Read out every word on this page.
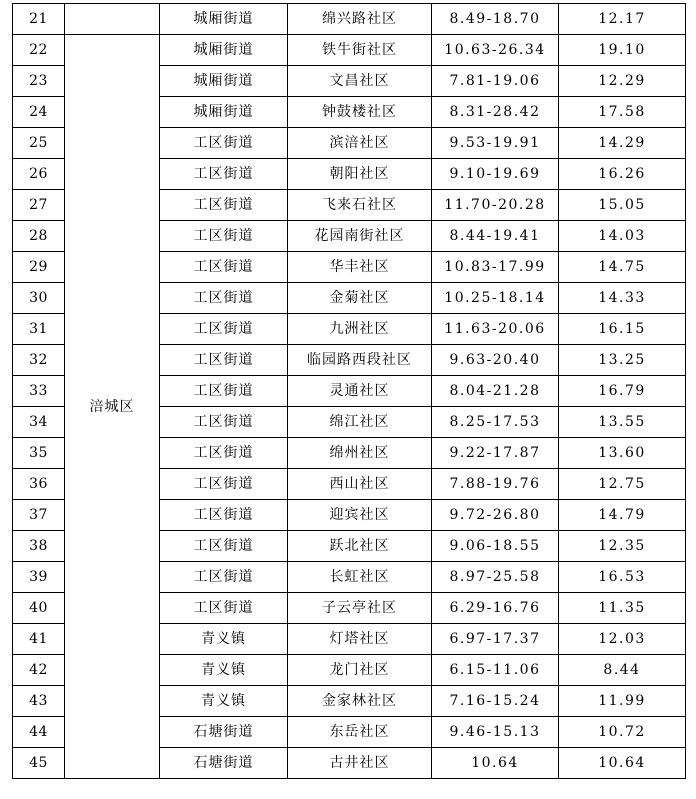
21		城厢街道	绵兴路社区	8.49-18.70	12.17
22	涪城区	城厢街道	铁牛街社区	10.63-26.34	19.10
23		城厢街道	文昌社区	7.81-19.06	12.29
24		城厢街道	钟鼓楼社区	8.31-28.42	17.58
25		工区街道	滨涪社区	9.53-19.91	14.29
26		工区街道	朝阳社区	9.10-19.69	16.26
27		工区街道	飞来石社区	11.70-20.28	15.05
28		工区街道	花园南街社区	8.44-19.41	14.03
29		工区街道	华丰社区	10.83-17.99	14.75
30		工区街道	金菊社区	10.25-18.14	14.33
31		工区街道	九洲社区	11.63-20.06	16.15
32		工区街道	临园路西段社区	9.63-20.40	13.25
33		工区街道	灵通社区	8.04-21.28	16.79
34		工区街道	绵江社区	8.25-17.53	13.55
35		工区街道	绵州社区	9.22-17.87	13.60
36		工区街道	西山社区	7.88-19.76	12.75
37		工区街道	迎宾社区	9.72-26.80	14.79
38		工区街道	跃北社区	9.06-18.55	12.35
39		工区街道	长虹社区	8.97-25.58	16.53
40		工区街道	子云亭社区	6.29-16.76	11.35
41		青义镇	灯塔社区	6.97-17.37	12.03
42		青义镇	龙门社区	6.15-11.06	8.44
43		青义镇	金家林社区	7.16-15.24	11.99
44		石塘街道	东岳社区	9.46-15.13	10.72
45		石塘街道	古井社区	10.64	10.64
